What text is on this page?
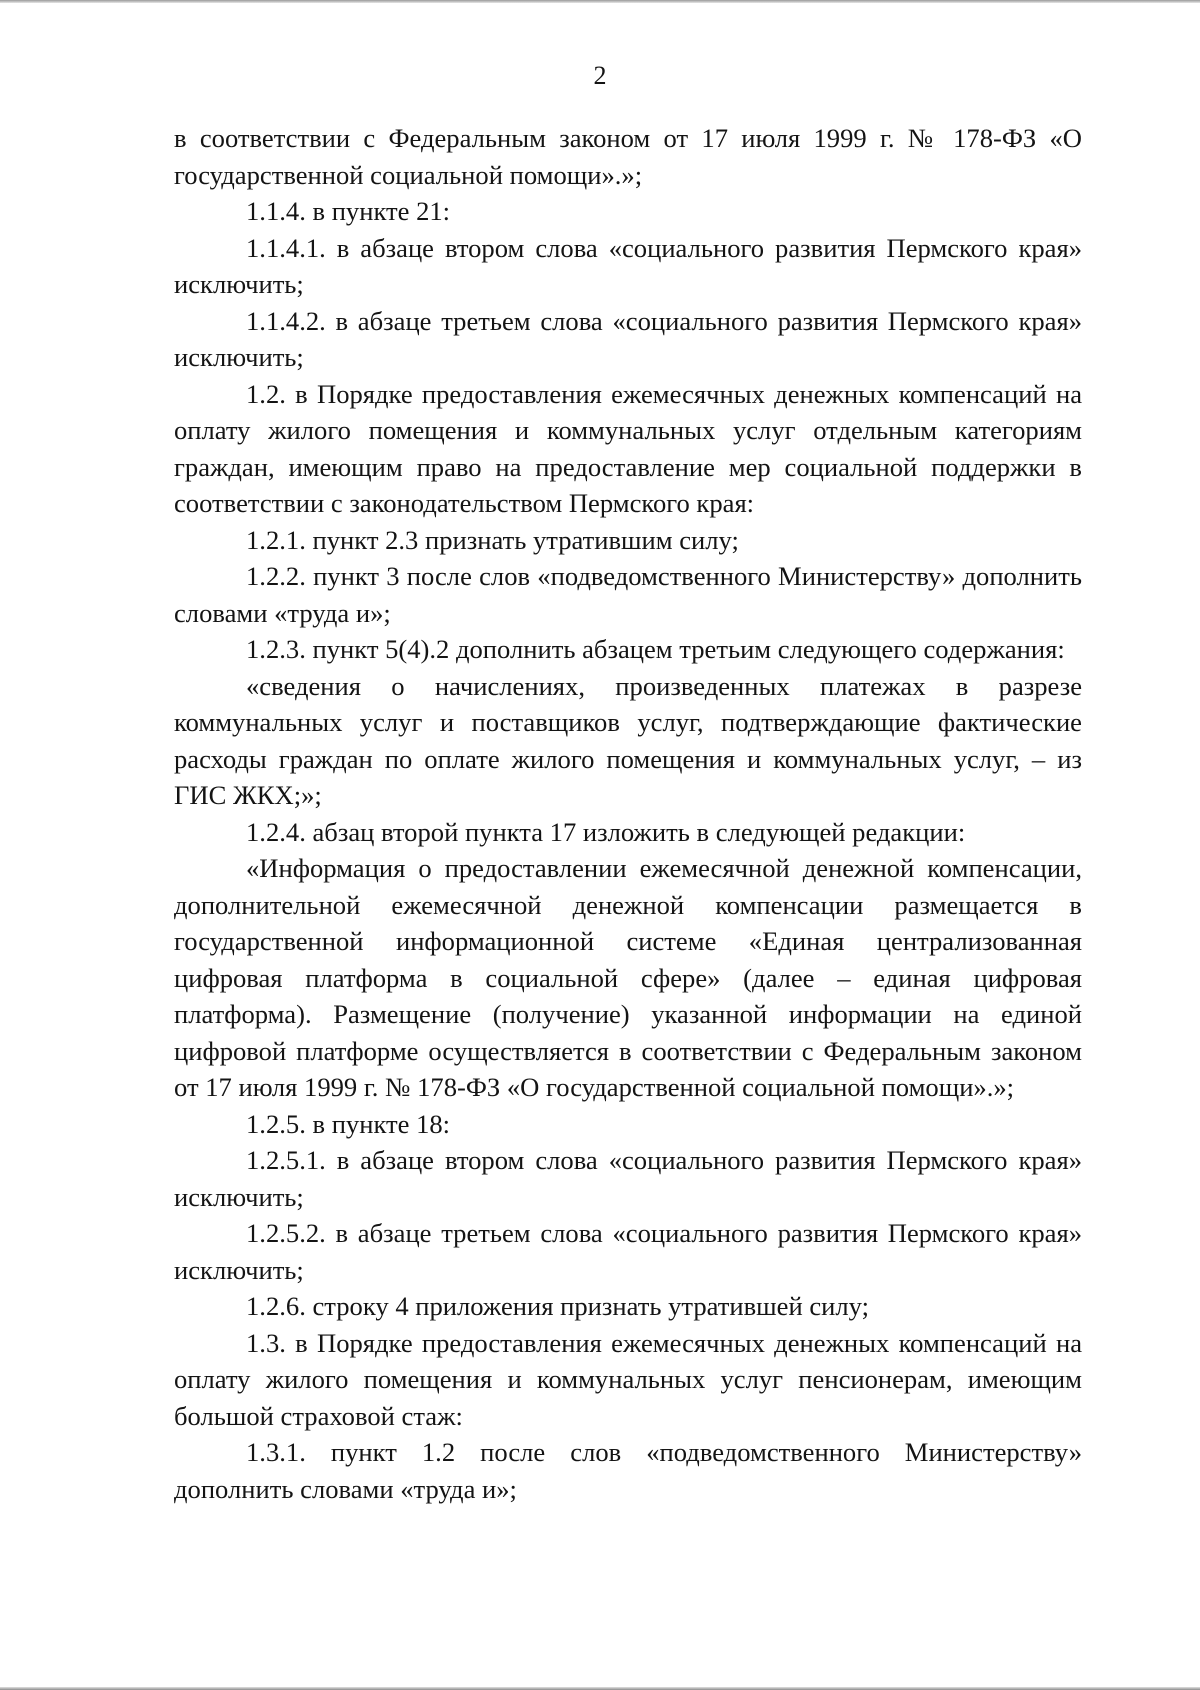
2

в соответствии с Федеральным законом от 17 июля 1999 г. № 178-ФЗ «О государственной социальной помощи».»;

1.1.4. в пункте 21:

1.1.4.1. в абзаце втором слова «социального развития Пермского края» исключить;

1.1.4.2. в абзаце третьем слова «социального развития Пермского края» исключить;

1.2. в Порядке предоставления ежемесячных денежных компенсаций на оплату жилого помещения и коммунальных услуг отдельным категориям граждан, имеющим право на предоставление мер социальной поддержки в соответствии с законодательством Пермского края:

1.2.1. пункт 2.3 признать утратившим силу;

1.2.2. пункт 3 после слов «подведомственного Министерству» дополнить словами «труда и»;

1.2.3. пункт 5(4).2 дополнить абзацем третьим следующего содержания:

«сведения о начислениях, произведенных платежах в разрезе коммунальных услуг и поставщиков услуг, подтверждающие фактические расходы граждан по оплате жилого помещения и коммунальных услуг, – из ГИС ЖКХ;»;

1.2.4. абзац второй пункта 17 изложить в следующей редакции:

«Информация о предоставлении ежемесячной денежной компенсации, дополнительной ежемесячной денежной компенсации размещается в государственной информационной системе «Единая централизованная цифровая платформа в социальной сфере» (далее – единая цифровая платформа). Размещение (получение) указанной информации на единой цифровой платформе осуществляется в соответствии с Федеральным законом от 17 июля 1999 г. № 178-ФЗ «О государственной социальной помощи».»;

1.2.5. в пункте 18:

1.2.5.1. в абзаце втором слова «социального развития Пермского края» исключить;

1.2.5.2. в абзаце третьем слова «социального развития Пермского края» исключить;

1.2.6. строку 4 приложения признать утратившей силу;

1.3. в Порядке предоставления ежемесячных денежных компенсаций на оплату жилого помещения и коммунальных услуг пенсионерам, имеющим большой страховой стаж:

1.3.1. пункт 1.2 после слов «подведомственного Министерству» дополнить словами «труда и»;
